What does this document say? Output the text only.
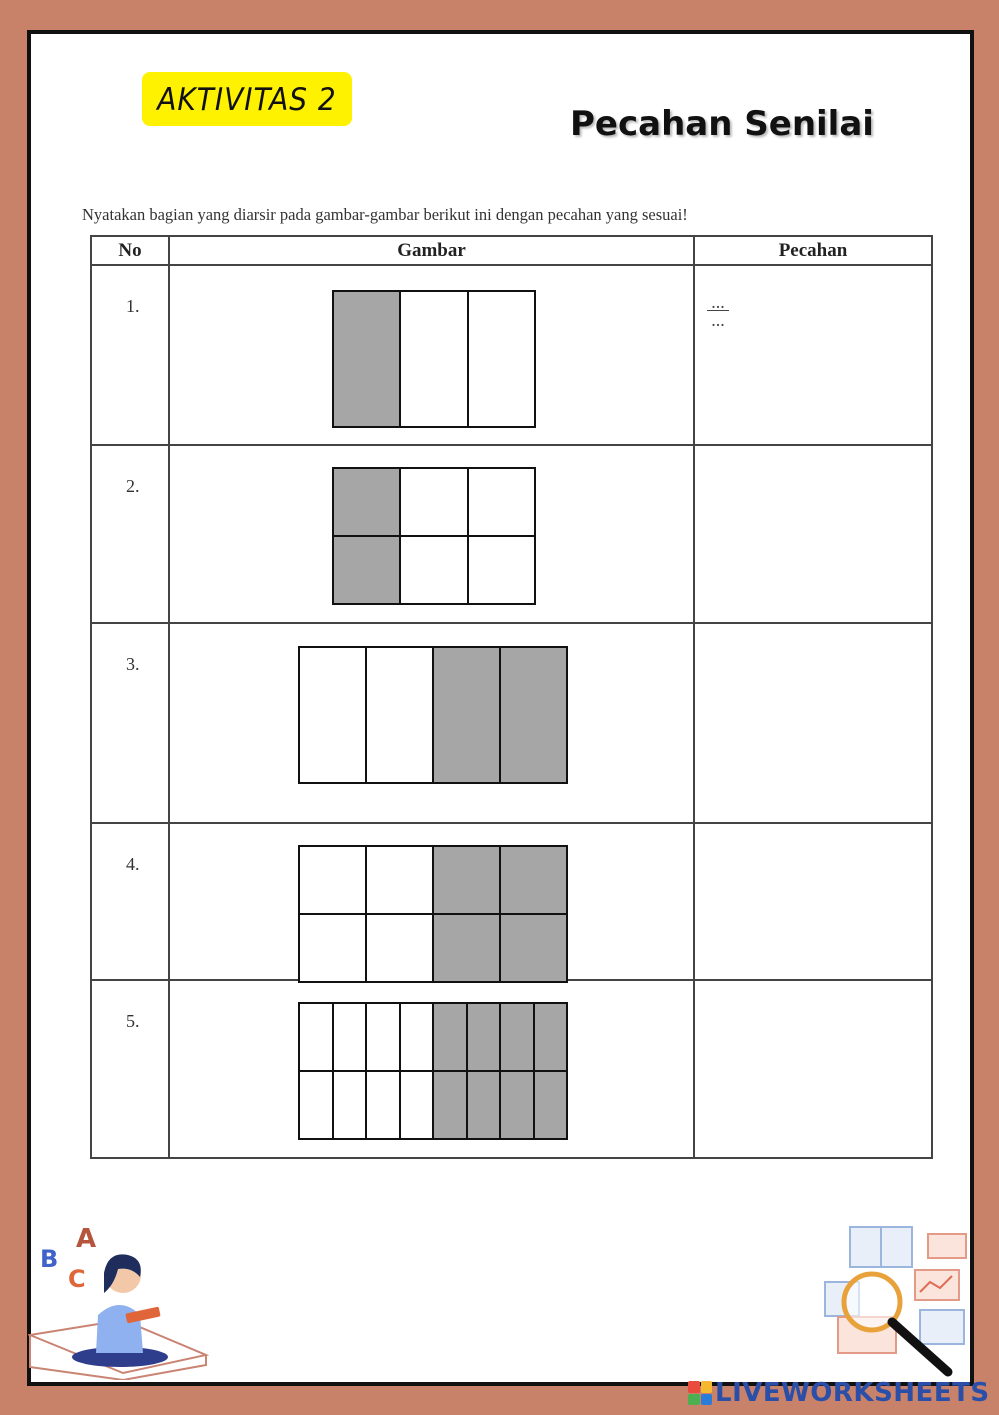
AKTIVITAS 2
Pecahan Senilai
Nyatakan bagian yang diarsir pada gambar-gambar berikut ini dengan pecahan yang sesuai!
No	Gambar	Pecahan
1.		...
...

2.	

3.	

4.	

5.	

A
B
C
LIVEWORKSHEETS
